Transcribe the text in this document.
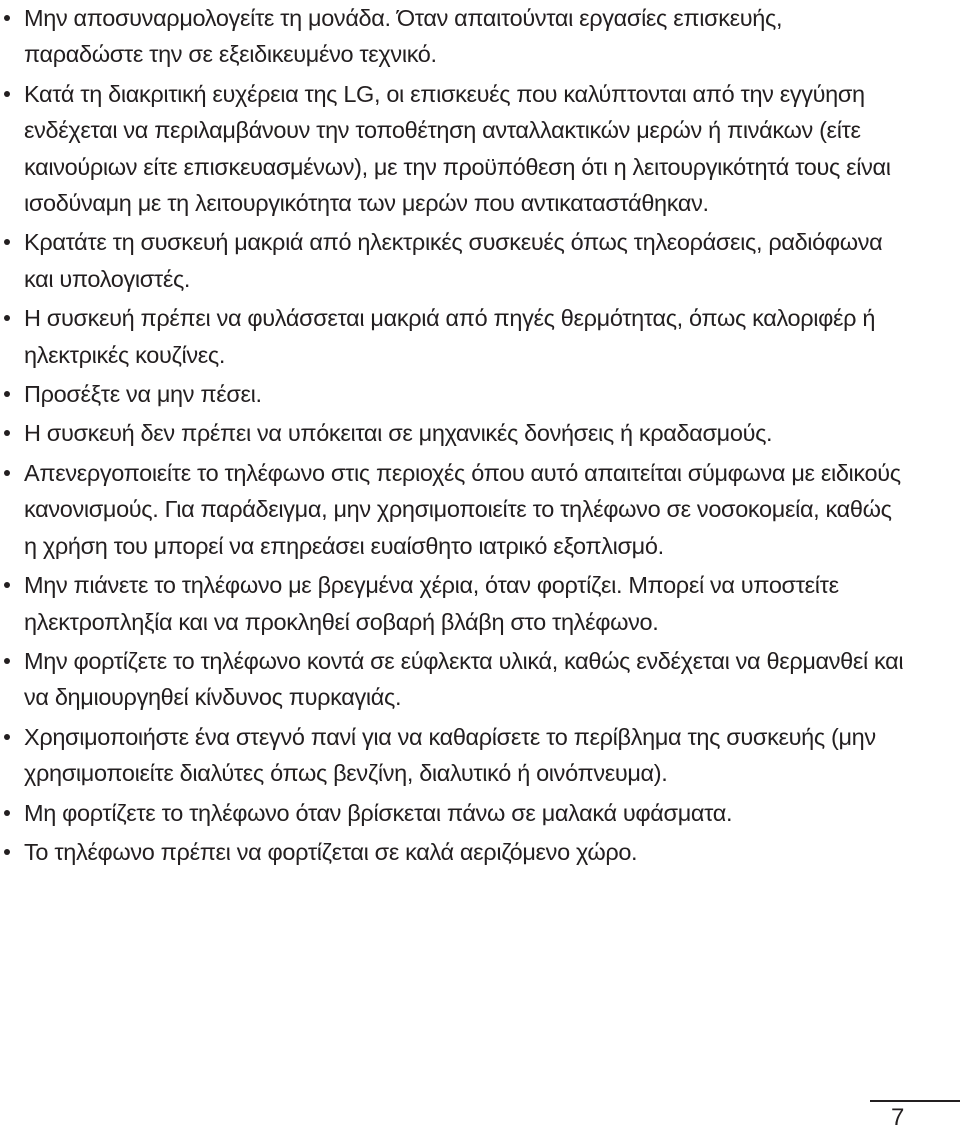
Μην αποσυναρμολογείτε τη μονάδα. Όταν απαιτούνται εργασίες επισκευής, παραδώστε την σε εξειδικευμένο τεχνικό.
Κατά τη διακριτική ευχέρεια της LG, οι επισκευές που καλύπτονται από την εγγύηση ενδέχεται να περιλαμβάνουν την τοποθέτηση ανταλλακτικών μερών ή πινάκων (είτε καινούριων είτε επισκευασμένων), με την προϋπόθεση ότι η λειτουργικότητά τους είναι ισοδύναμη με τη λειτουργικότητα των μερών που αντικαταστάθηκαν.
Κρατάτε τη συσκευή μακριά από ηλεκτρικές συσκευές όπως τηλεοράσεις, ραδιόφωνα και υπολογιστές.
Η συσκευή πρέπει να φυλάσσεται μακριά από πηγές θερμότητας, όπως καλοριφέρ ή ηλεκτρικές κουζίνες.
Προσέξτε να μην πέσει.
Η συσκευή δεν πρέπει να υπόκειται σε μηχανικές δονήσεις ή κραδασμούς.
Απενεργοποιείτε το τηλέφωνο στις περιοχές όπου αυτό απαιτείται σύμφωνα με ειδικούς κανονισμούς. Για παράδειγμα, μην χρησιμοποιείτε το τηλέφωνο σε νοσοκομεία, καθώς η χρήση του μπορεί να επηρεάσει ευαίσθητο ιατρικό εξοπλισμό.
Μην πιάνετε το τηλέφωνο με βρεγμένα χέρια, όταν φορτίζει. Μπορεί να υποστείτε ηλεκτροπληξία και να προκληθεί σοβαρή βλάβη στο τηλέφωνο.
Μην φορτίζετε το τηλέφωνο κοντά σε εύφλεκτα υλικά, καθώς ενδέχεται να θερμανθεί και να δημιουργηθεί κίνδυνος πυρκαγιάς.
Χρησιμοποιήστε ένα στεγνό πανί για να καθαρίσετε το περίβλημα της συσκευής (μην χρησιμοποιείτε διαλύτες όπως βενζίνη, διαλυτικό ή οινόπνευμα).
Μη φορτίζετε το τηλέφωνο όταν βρίσκεται πάνω σε μαλακά υφάσματα.
Το τηλέφωνο πρέπει να φορτίζεται σε καλά αεριζόμενο χώρο.
7
